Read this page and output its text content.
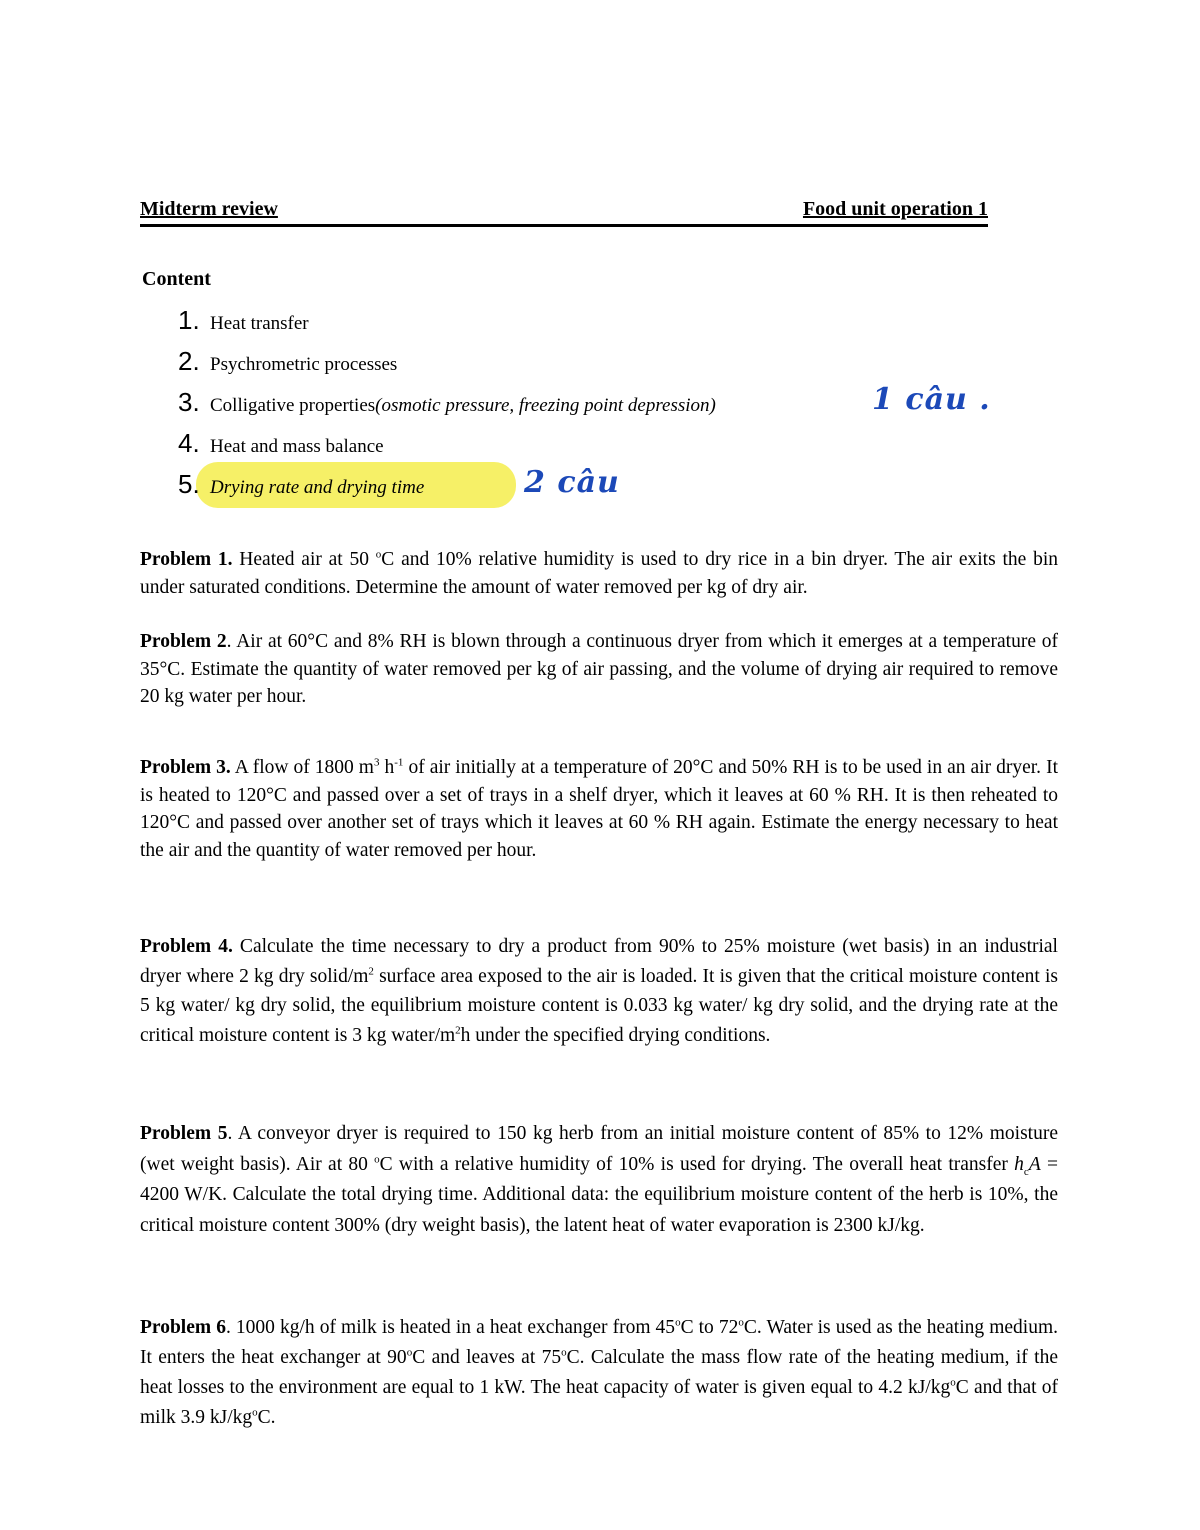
Midterm review	Food unit operation 1
Content
1. Heat transfer
2. Psychrometric processes
3. Colligative properties(osmotic pressure, freezing point depression)
4. Heat and mass balance
5. Drying rate and drying time
1 câu .
2 câu
Problem 1. Heated air at 50 $^o$C and 10% relative humidity is used to dry rice in a bin dryer. The air exits the bin under saturated conditions. Determine the amount of water removed per kg of dry air.
Problem 2. Air at 60°C and 8% RH is blown through a continuous dryer from which it emerges at a temperature of 35°C. Estimate the quantity of water removed per kg of air passing, and the volume of drying air required to remove 20 kg water per hour.
Problem 3. A flow of 1800 $m^3$ $h^{-1}$ of air initially at a temperature of 20°C and 50% RH is to be used in an air dryer. It is heated to 120°C and passed over a set of trays in a shelf dryer, which it leaves at 60 % RH. It is then reheated to 120°C and passed over another set of trays which it leaves at 60 % RH again. Estimate the energy necessary to heat the air and the quantity of water removed per hour.
Problem 4. Calculate the time necessary to dry a product from 90% to 25% moisture (wet basis) in an industrial dryer where 2 kg dry solid/$m^2$ surface area exposed to the air is loaded. It is given that the critical moisture content is 5 kg water/ kg dry solid, the equilibrium moisture content is 0.033 kg water/ kg dry solid, and the drying rate at the critical moisture content is 3 kg water/$m^2h$ under the specified drying conditions.
Problem 5. A conveyor dryer is required to 150 kg herb from an initial moisture content of 85% to 12% moisture (wet weight basis). Air at 80 $^o$C with a relative humidity of 10% is used for drying. The overall heat transfer $h_cA = 4200$ W/K. Calculate the total drying time. Additional data: the equilibrium moisture content of the herb is 10%, the critical moisture content 300% (dry weight basis), the latent heat of water evaporation is 2300 kJ/kg.
Problem 6. 1000 kg/h of milk is heated in a heat exchanger from 45$^o$C to 72$^o$C. Water is used as the heating medium. It enters the heat exchanger at 90$^o$C and leaves at 75$^o$C. Calculate the mass flow rate of the heating medium, if the heat losses to the environment are equal to 1 kW. The heat capacity of water is given equal to 4.2 $kJ/kg^oC$ and that of milk 3.9 $kJ/kg^oC$.
